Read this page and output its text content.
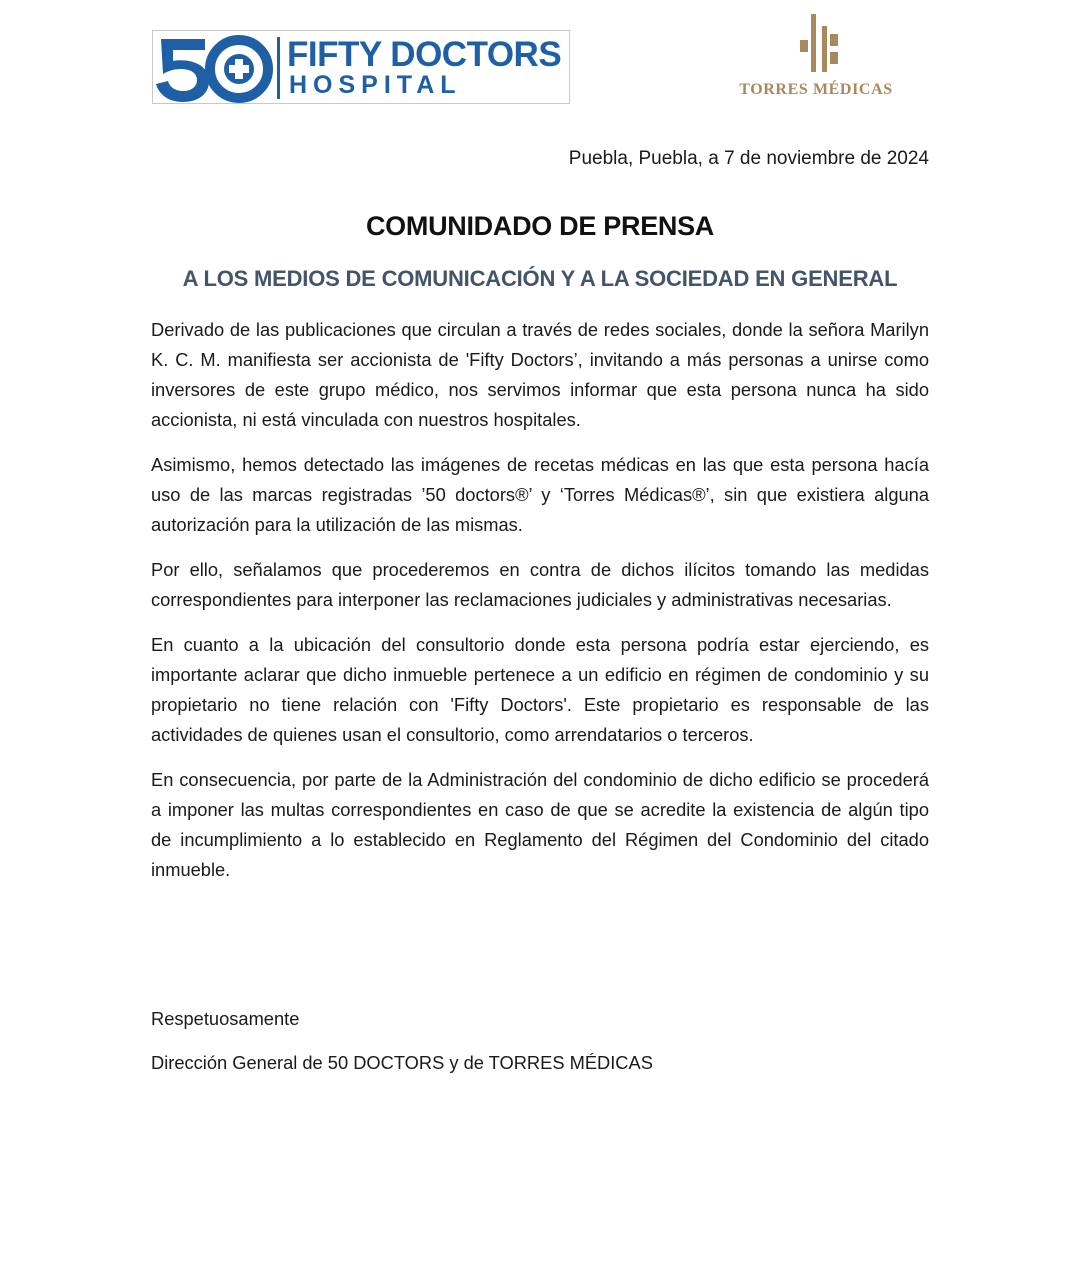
FIFTY DOCTORS
HOSPITAL	TORRES MÉDICAS
Puebla, Puebla, a 7 de noviembre de 2024
COMUNIDADO DE PRENSA
A LOS MEDIOS DE COMUNICACIÓN Y A LA SOCIEDAD EN GENERAL

Derivado de las publicaciones que circulan a través de redes sociales, donde la señora Marilyn K. C. M. manifiesta ser accionista de 'Fifty Doctors’, invitando a más personas a unirse como inversores de este grupo médico, nos servimos informar que esta persona nunca ha sido accionista, ni está vinculada con nuestros hospitales.

Asimismo, hemos detectado las imágenes de recetas médicas en las que esta persona hacía uso de las marcas registradas ’50 doctors®’ y ‘Torres Médicas®’, sin que existiera alguna autorización para la utilización de las mismas.

Por ello, señalamos que procederemos en contra de dichos ilícitos tomando las medidas correspondientes para interponer las reclamaciones judiciales y administrativas necesarias.

En cuanto a la ubicación del consultorio donde esta persona podría estar ejerciendo, es importante aclarar que dicho inmueble pertenece a un edificio en régimen de condominio y su propietario no tiene relación con 'Fifty Doctors'. Este propietario es responsable de las actividades de quienes usan el consultorio, como arrendatarios o terceros.

En consecuencia, por parte de la Administración del condominio de dicho edificio se procederá a imponer las multas correspondientes en caso de que se acredite la existencia de algún tipo de incumplimiento a lo establecido en Reglamento del Régimen del Condominio del citado inmueble.

Respetuosamente
Dirección General de 50 DOCTORS y de TORRES MÉDICAS
